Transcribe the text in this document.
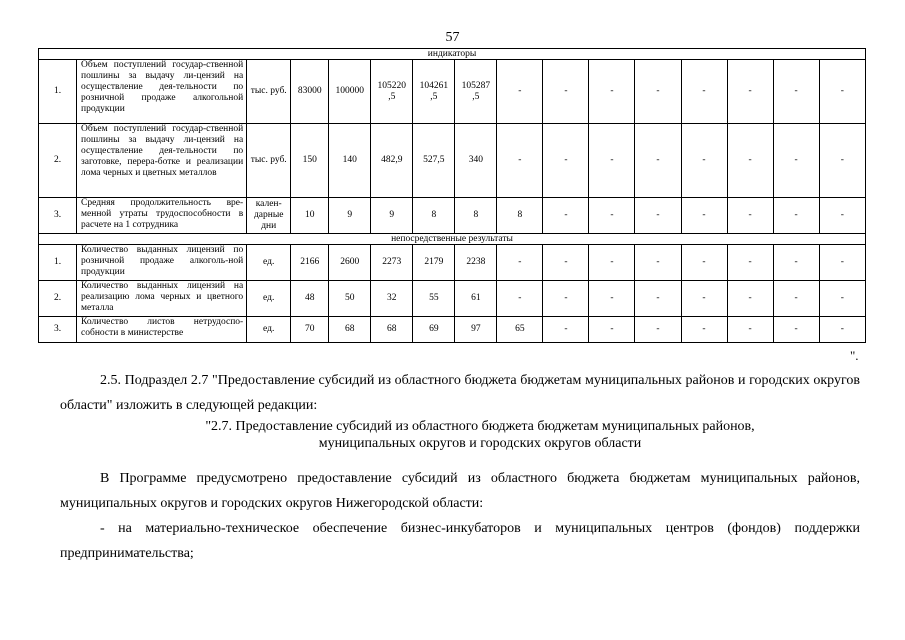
57
индикаторы															
1.	Объем поступлений государ-ственной пошлины за выдачу ли-цензий на осуществление дея-тельности по розничной продаже алкогольной продукции	тыс. руб.	83000	100000	105220 ,5	104261 ,5	105287 ,5	-	-	-	-	-	-	-	-
2.	Объем поступлений государ-ственной пошлины за выдачу ли-цензий на осуществление дея-тельности по заготовке, перера-ботке и реализации лома черных и цветных металлов	тыс. руб.	150	140	482,9	527,5	340	-	-	-	-	-	-	-	-
3.	Средняя продолжительность вре-менной утраты трудоспособности в расчете на 1 сотрудника	кален-дарные дни	10	9	9	8	8	8	-	-	-	-	-	-	-
непосредственные результаты															
1.	Количество выданных лицензий по розничной продаже алкоголь-ной продукции	ед.	2166	2600	2273	2179	2238	-	-	-	-	-	-	-	-
2.	Количество выданных лицензий на реализацию лома черных и цветного металла	ед.	48	50	32	55	61	-	-	-	-	-	-	-	-
3.	Количество листов нетрудоспо-собности в министерстве	ед.	70	68	68	69	97	65	-	-	-	-	-	-	-
".
2.5. Подраздел 2.7 "Предоставление субсидий из областного бюджета бюджетам муниципальных районов и городских округов области" изложить в следующей редакции:
"2.7. Предоставление субсидий из областного бюджета бюджетам муниципальных районов,
муниципальных округов и городских округов области
В Программе предусмотрено предоставление субсидий из областного бюджета бюджетам муниципальных районов, муниципальных округов и городских округов Нижегородской области:
- на материально-техническое обеспечение бизнес-инкубаторов и муниципальных центров (фондов) поддержки предпринимательства;
